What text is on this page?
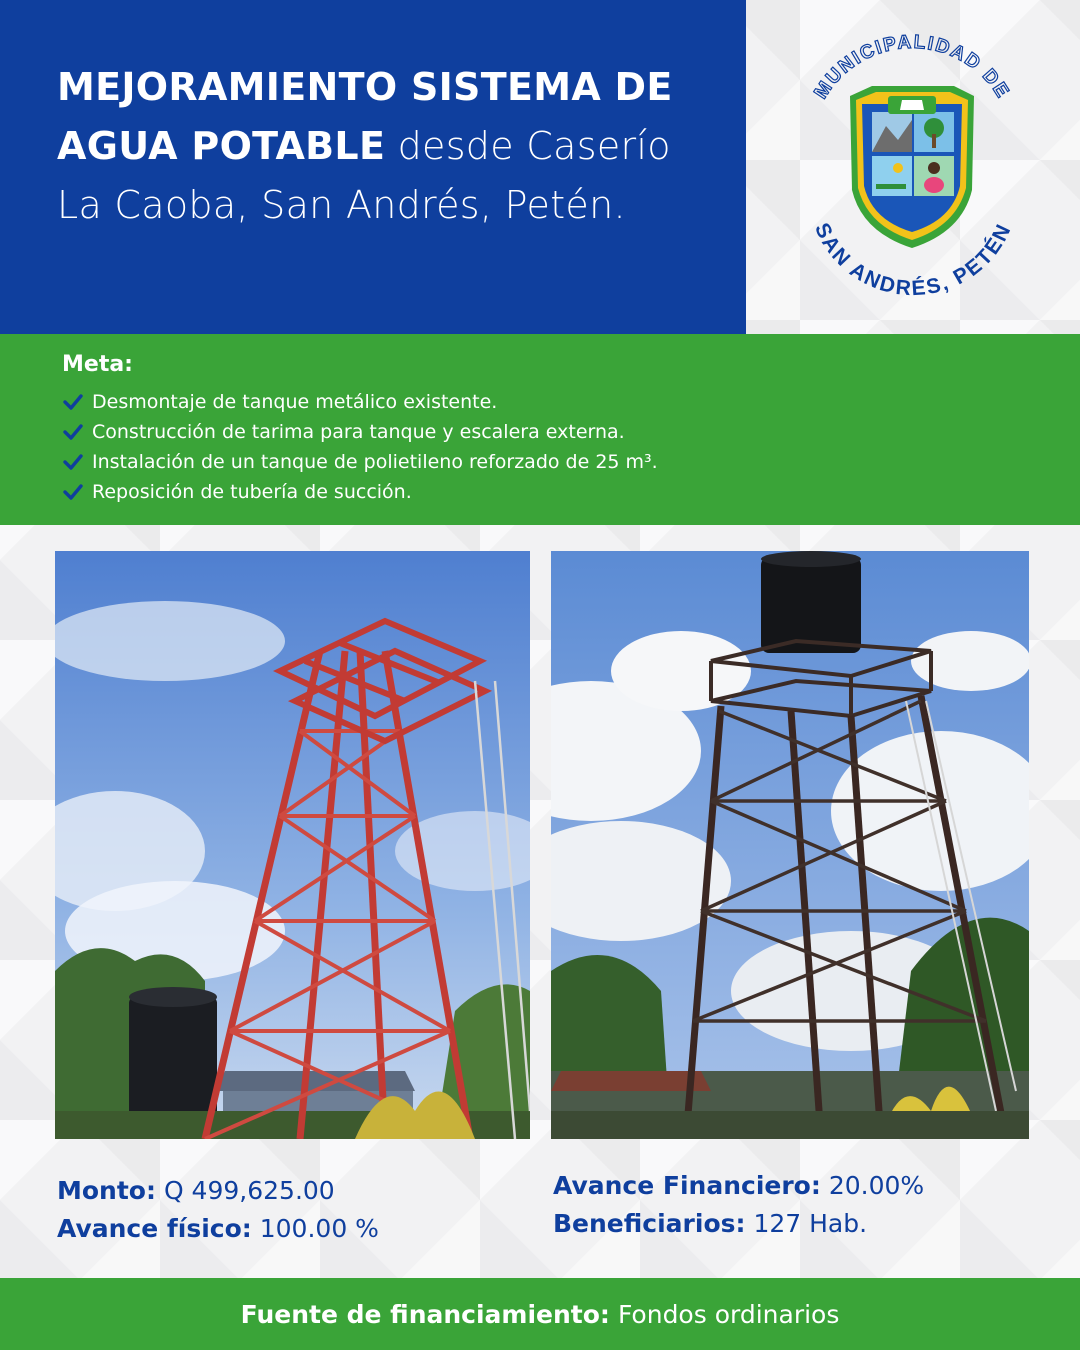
MEJORAMIENTO SISTEMA DE AGUA POTABLE desde Caserío La Caoba, San Andrés, Petén.
MUNICIPALIDAD DE
SAN ANDRÉS, PETÉN
Meta:
Desmontaje de tanque metálico existente.
Construcción de tarima para tanque y escalera externa.
Instalación de un tanque de polietileno reforzado de 25 m³.
Reposición de tubería de succión.
Monto: Q 499,625.00
Avance físico: 100.00 %
Avance Financiero: 20.00%
Beneficiarios: 127 Hab.
Fuente de financiamiento: Fondos ordinarios
